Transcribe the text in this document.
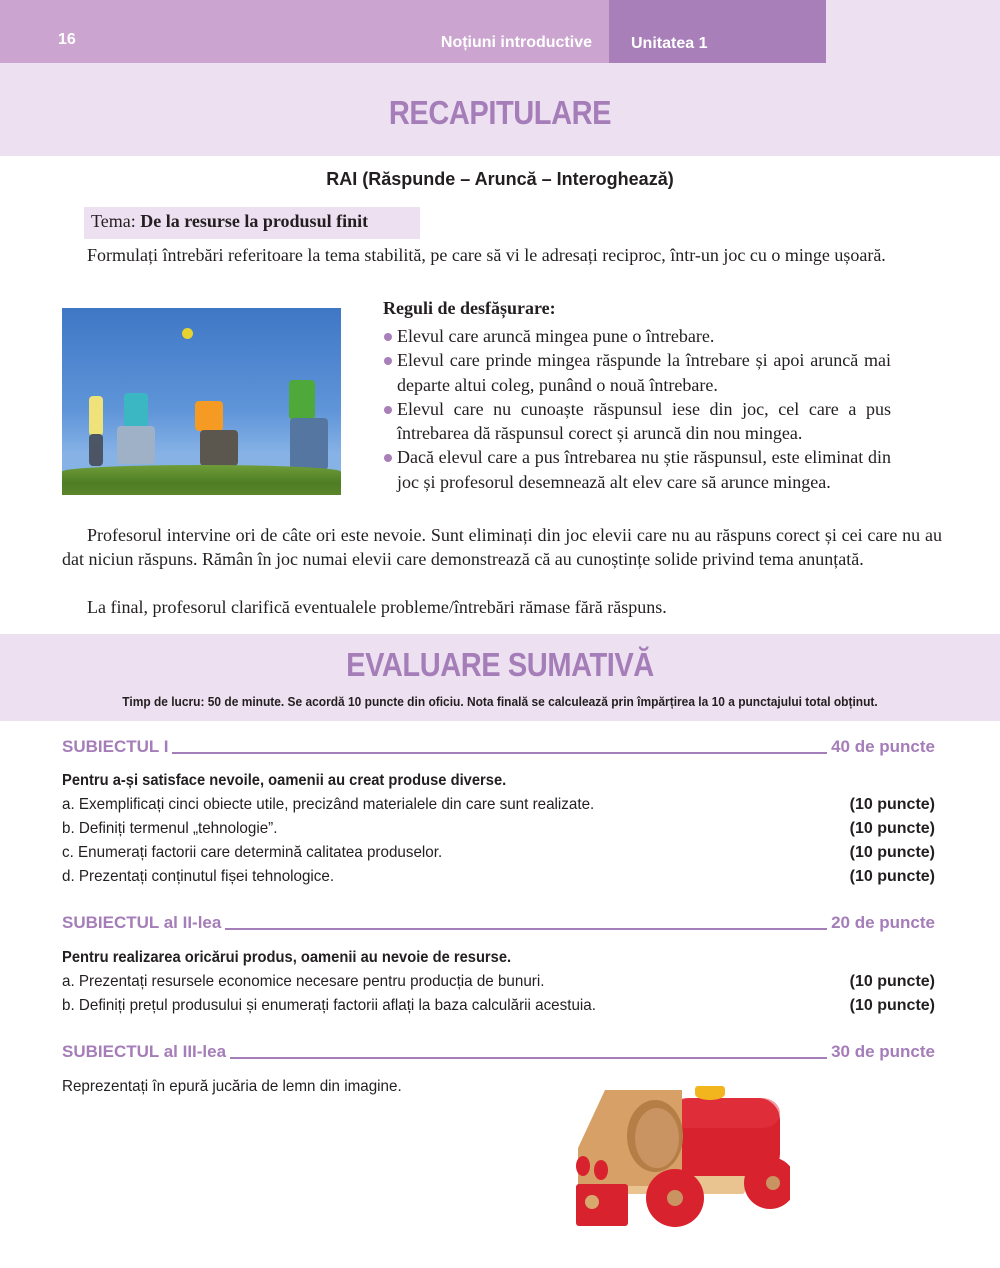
16	Noțiuni introductive Unitatea 1
RECAPITULARE
RAI (Răspunde – Aruncă – Interoghează)
Tema: De la resurse la produsul finit
Formulați întrebări referitoare la tema stabilită, pe care să vi le adresați reciproc, într-un joc cu o minge ușoară.
Reguli de desfășurare:
Elevul care aruncă mingea pune o întrebare.
Elevul care prinde mingea răspunde la întrebare și apoi aruncă mai departe altui coleg, punând o nouă întrebare.
Elevul care nu cunoaște răspunsul iese din joc, cel care a pus întrebarea dă răspunsul corect și aruncă din nou mingea.
Dacă elevul care a pus întrebarea nu știe răspunsul, este eliminat din joc și profesorul desemnează alt elev care să arunce mingea.
Profesorul intervine ori de câte ori este nevoie. Sunt eliminați din joc elevii care nu au răspuns corect și cei care nu au dat niciun răspuns. Rămân în joc numai elevii care demonstrează că au cunoștințe solide privind tema anunțată.
La final, profesorul clarifică eventualele probleme/întrebări rămase fără răspuns.
EVALUARE SUMATIVĂ
Timp de lucru: 50 de minute. Se acordă 10 puncte din oficiu. Nota finală se calculează prin împărțirea la 10 a punctajului total obținut.
SUBIECTUL I	40 de puncte
Pentru a-și satisface nevoile, oamenii au creat produse diverse.
a. Exemplificați cinci obiecte utile, precizând materialele din care sunt realizate.	(10 puncte)
b. Definiți termenul „tehnologie”.	(10 puncte)
c. Enumerați factorii care determină calitatea produselor.	(10 puncte)
d. Prezentați conținutul fișei tehnologice.	(10 puncte)
SUBIECTUL al II-lea	20 de puncte
Pentru realizarea oricărui produs, oamenii au nevoie de resurse.
a. Prezentați resursele economice necesare pentru producția de bunuri.	(10 puncte)
b. Definiți prețul produsului și enumerați factorii aflați la baza calculării acestuia.	(10 puncte)
SUBIECTUL al III-lea	30 de puncte
Reprezentați în epură jucăria de lemn din imagine.
